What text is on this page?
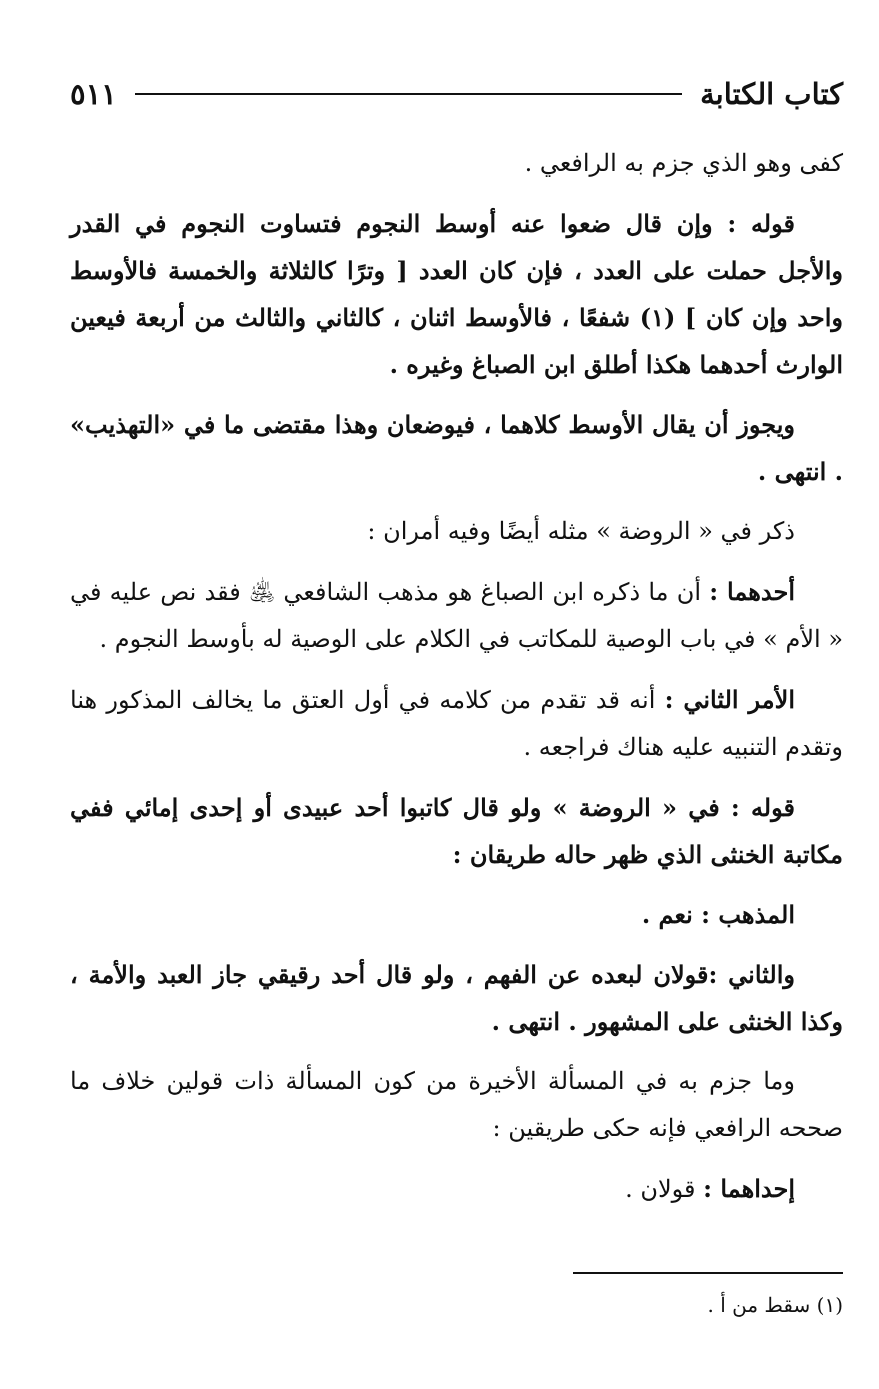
كتاب الكتابة
٥١١

كفى وهو الذي جزم به الرافعي .

قوله : وإن قال ضعوا عنه أوسط النجوم فتساوت النجوم في القدر والأجل حملت على العدد ، فإن كان العدد [ وترًا كالثلاثة والخمسة فالأوسط واحد وإن كان ] (١) شفعًا ، فالأوسط اثنان ، كالثاني والثالث من أربعة فيعين الوارث أحدهما هكذا أطلق ابن الصباغ وغيره .

ويجوز أن يقال الأوسط كلاهما ، فيوضعان وهذا مقتضى ما في «التهذيب» . انتهى .

ذكر في « الروضة » مثله أيضًا وفيه أمران :

أحدهما : أن ما ذكره ابن الصباغ هو مذهب الشافعي ﵁ فقد نص عليه في « الأم » في باب الوصية للمكاتب في الكلام على الوصية له بأوسط النجوم .

الأمر الثاني : أنه قد تقدم من كلامه في أول العتق ما يخالف المذكور هنا وتقدم التنبيه عليه هناك فراجعه .

قوله : في « الروضة » ولو قال كاتبوا أحد عبيدى أو إحدى إمائي ففي مكاتبة الخنثى الذي ظهر حاله طريقان :

المذهب : نعم .

والثاني :قولان لبعده عن الفهم ، ولو قال أحد رقيقي جاز العبد والأمة ، وكذا الخنثى على المشهور . انتهى .

وما جزم به في المسألة الأخيرة من كون المسألة ذات قولين خلاف ما صححه الرافعي فإنه حكى طريقين :

إحداهما : قولان .

(١) سقط من أ .
